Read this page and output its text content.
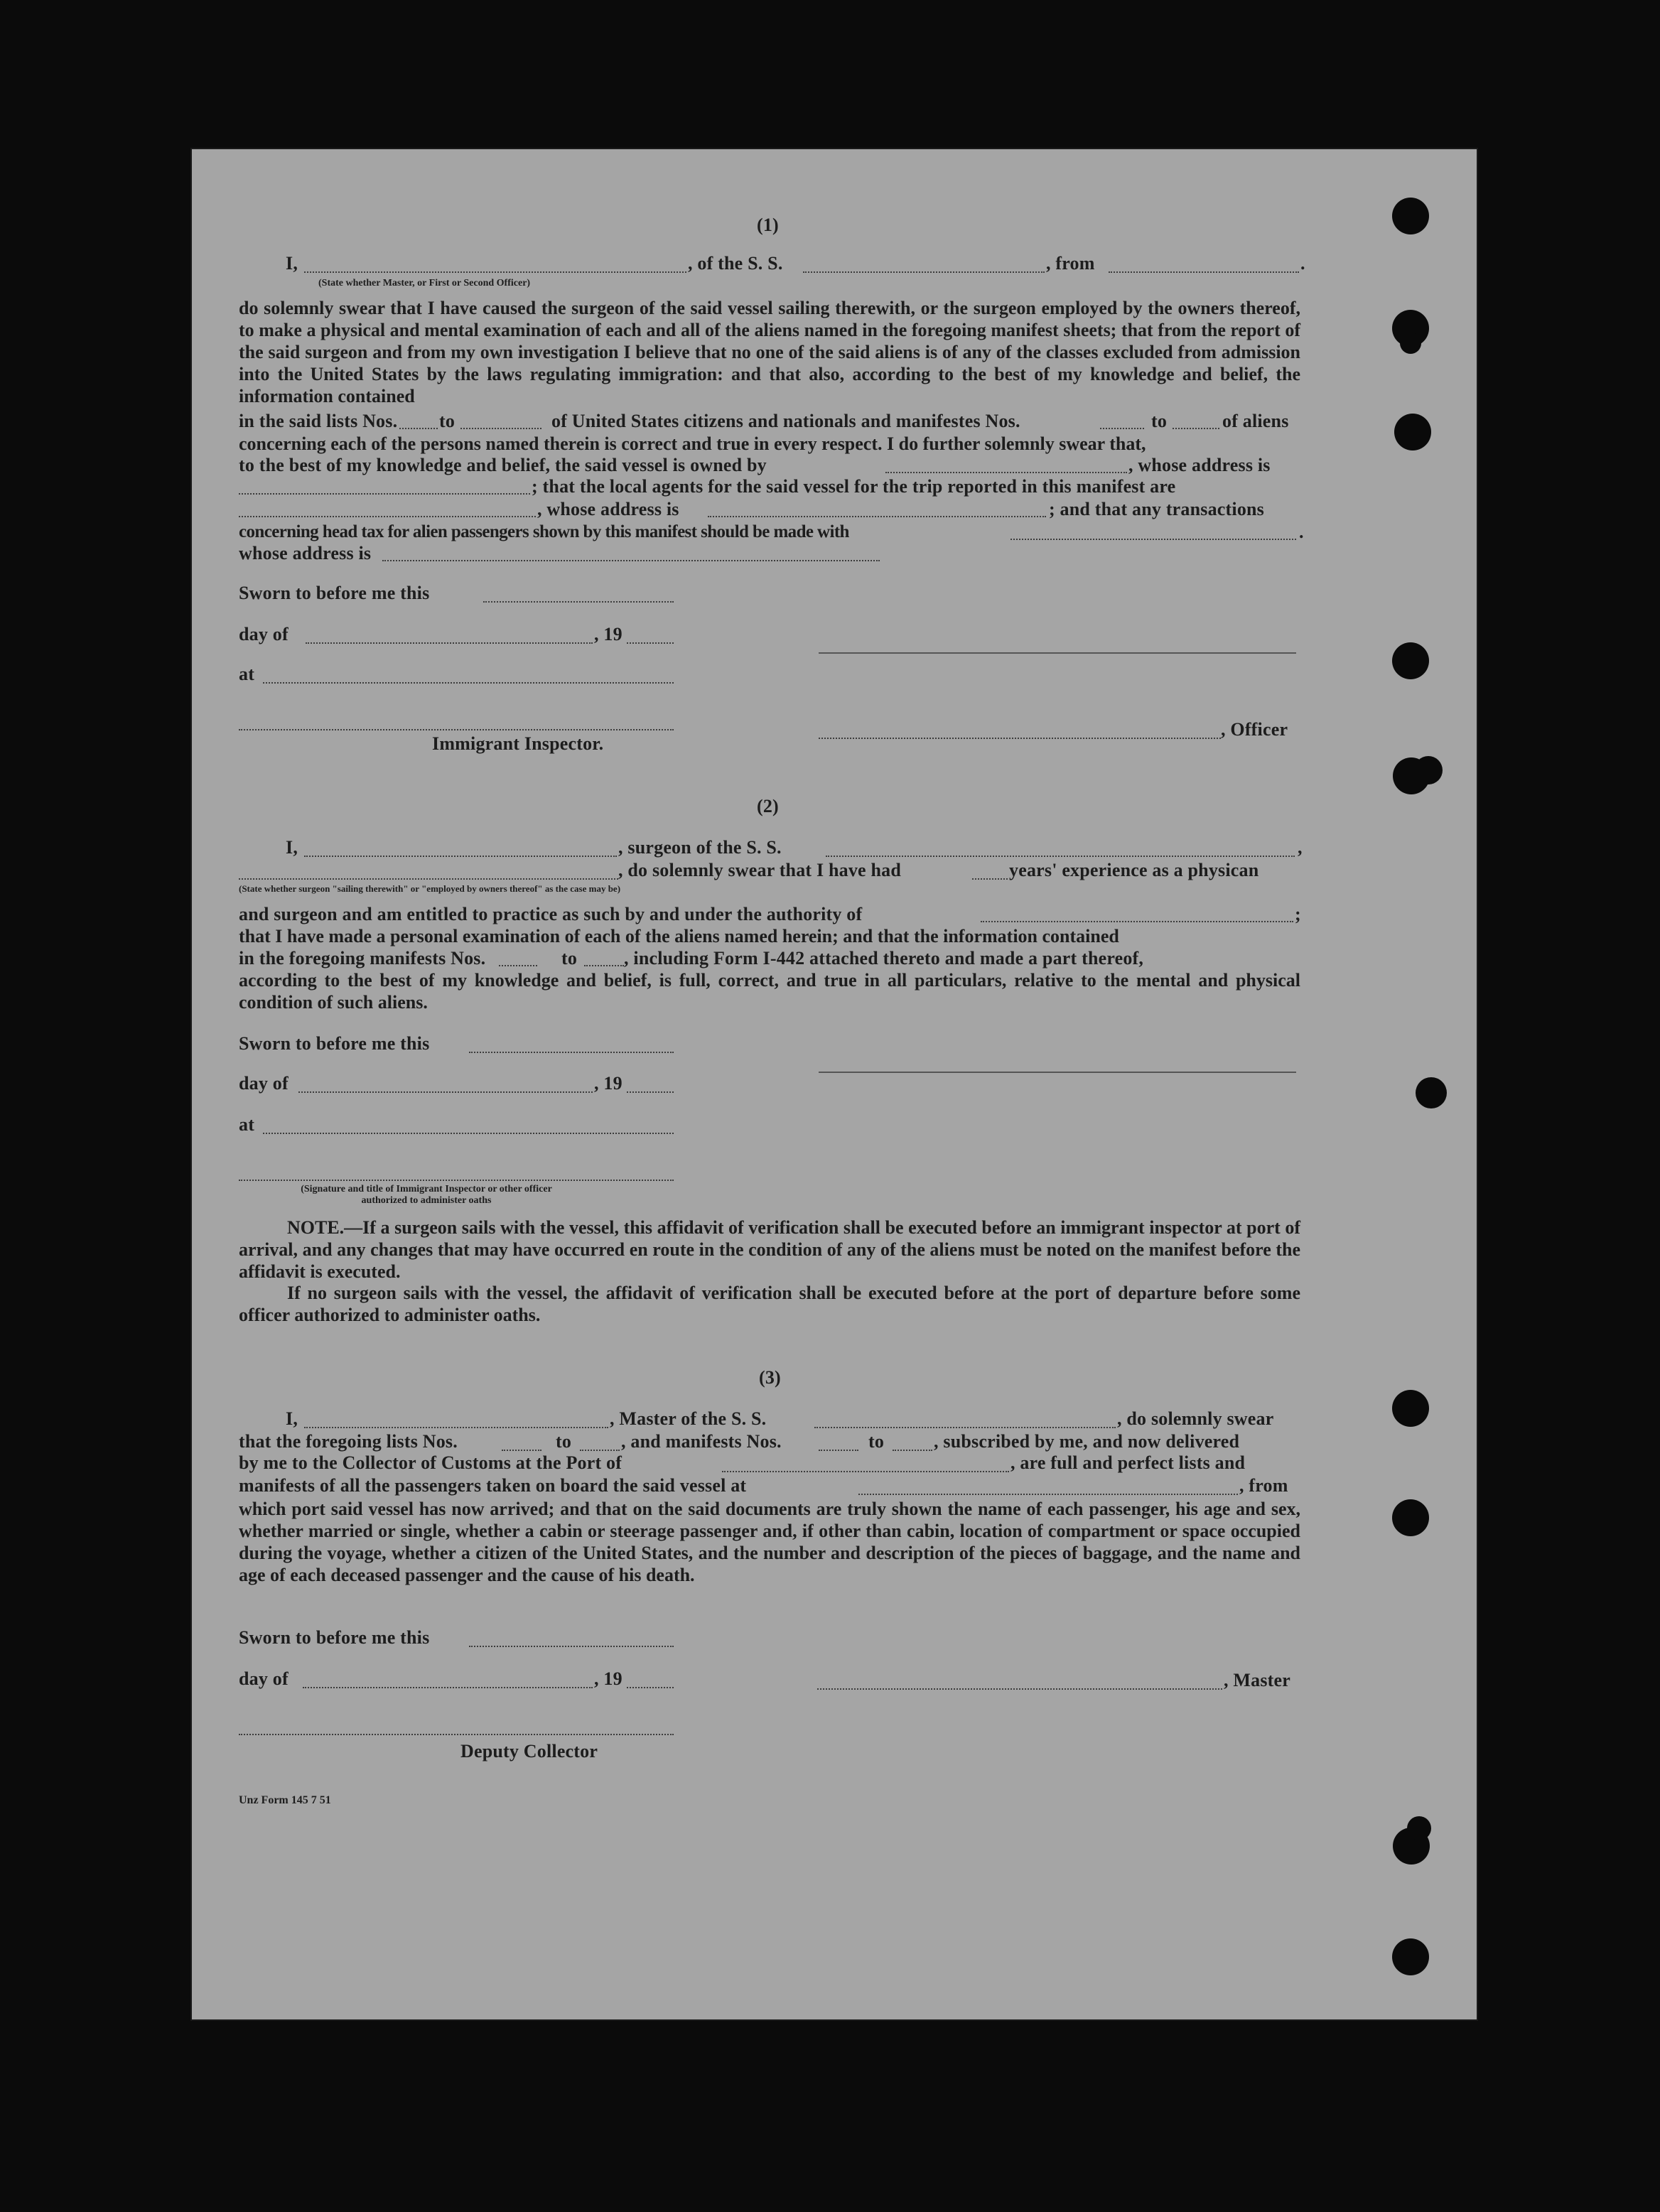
(1)
I,	, of the S. S.	, from	.
(State whether Master, or First or Second Officer)
do solemnly swear that I have caused the surgeon of the said vessel sailing therewith, or the surgeon employed by the owners thereof, to make a physical and mental examination of each and all of the aliens named in the foregoing manifest sheets; that from the report of the said surgeon and from my own investigation I believe that no one of the said aliens is of any of the classes excluded from admission into the United States by the laws regulating immigration: and that also, according to the best of my knowledge and belief, the information contained
in the said lists Nos. to	of United States citizens and nationals and manifestes Nos.	to	of aliens
concerning each of the persons named therein is correct and true in every respect. I do further solemnly swear that,
to the best of my knowledge and belief, the said vessel is owned by	, whose address is
; that the local agents for the said vessel for the trip reported in this manifest are
, whose address is	; and that any transactions
concerning head tax for alien passengers shown by this manifest should be made with	.
whose address is
Sworn to before me this
day of	, 19
at
Immigrant Inspector.
, Officer
(2)
I,	, surgeon of the S. S.	,
, do solemnly swear that I have had	years' experience as a physican
(State whether surgeon "sailing therewith" or "employed by owners thereof" as the case may be)
and surgeon and am entitled to practice as such by and under the authority of	;
that I have made a personal examination of each of the aliens named herein; and that the information contained
in the foregoing manifests Nos.	to	, including Form I-442 attached thereto and made a part thereof,
according to the best of my knowledge and belief, is full, correct, and true in all particulars, relative to the mental and physical condition of such aliens.
Sworn to before me this
day of	, 19
at
(Signature and title of Immigrant Inspector or other officer authorized to administer oaths
NOTE.—If a surgeon sails with the vessel, this affidavit of verification shall be executed before an immigrant inspector at port of arrival, and any changes that may have occurred en route in the condition of any of the aliens must be noted on the manifest before the affidavit is executed.
If no surgeon sails with the vessel, the affidavit of verification shall be executed before at the port of departure before some officer authorized to administer oaths.
(3)
I,	, Master of the S. S.	, do solemnly swear
that the foregoing lists Nos.	to	, and manifests Nos.	to	, subscribed by me, and now delivered
by me to the Collector of Customs at the Port of	, are full and perfect lists and
manifests of all the passengers taken on board the said vessel at	, from
which port said vessel has now arrived; and that on the said documents are truly shown the name of each passenger, his age and sex, whether married or single, whether a cabin or steerage passenger and, if other than cabin, location of compartment or space occupied during the voyage, whether a citizen of the United States, and the number and description of the pieces of baggage, and the name and age of each deceased passenger and the cause of his death.
Sworn to before me this
day of	, 19	, Master
Deputy Collector
Unz Form 145 7 51
